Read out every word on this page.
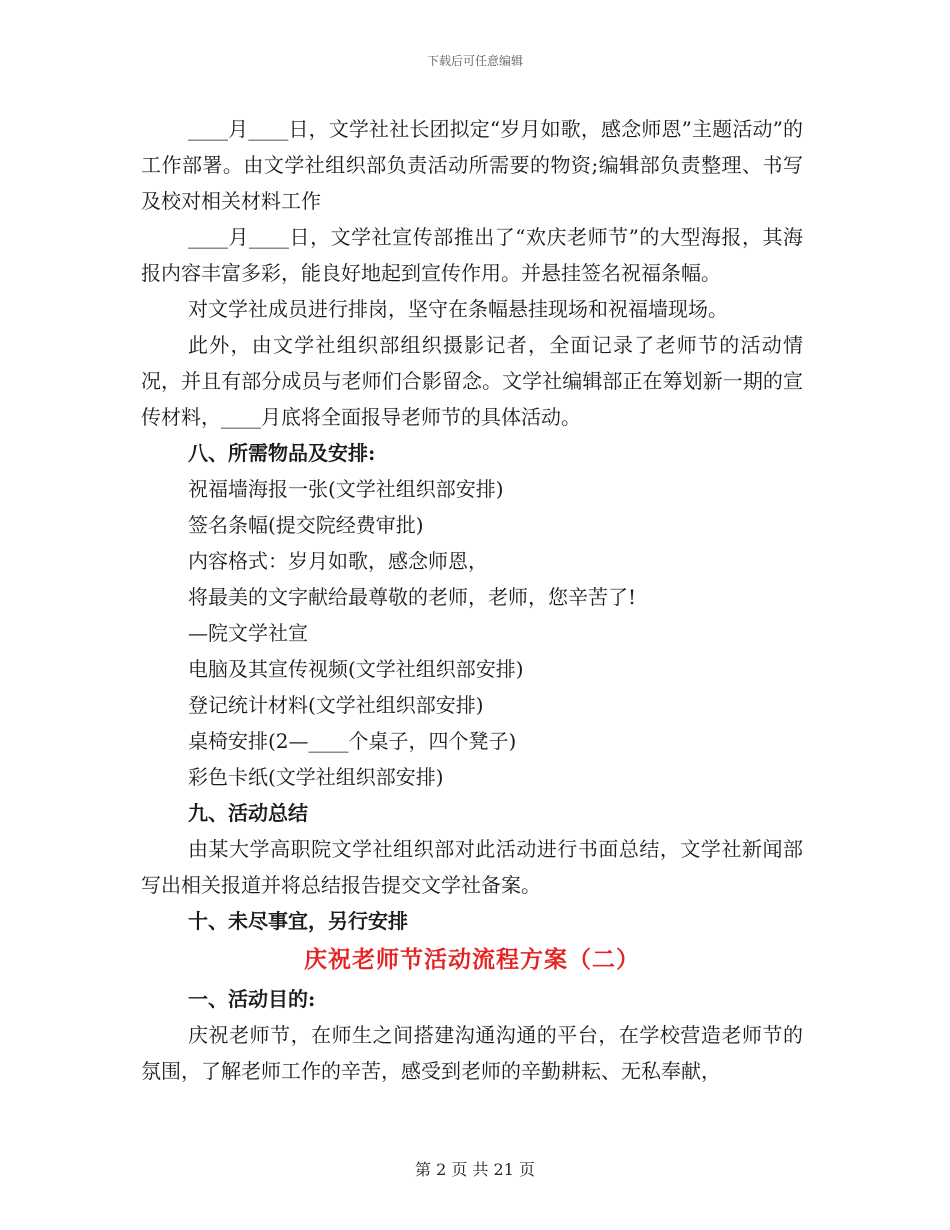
下载后可任意编辑

____月____日，文学社社长团拟定“岁月如歌，感念师恩”主题活动”的工作部署。由文学社组织部负责活动所需要的物资;编辑部负责整理、书写及校对相关材料工作

____月____日，文学社宣传部推出了“欢庆老师节”的大型海报，其海报内容丰富多彩，能良好地起到宣传作用。并悬挂签名祝福条幅。

对文学社成员进行排岗，坚守在条幅悬挂现场和祝福墙现场。

此外，由文学社组织部组织摄影记者，全面记录了老师节的活动情况，并且有部分成员与老师们合影留念。文学社编辑部正在筹划新一期的宣传材料，____月底将全面报导老师节的具体活动。

八、所需物品及安排:

祝福墙海报一张(文学社组织部安排)

签名条幅(提交院经费审批)

内容格式：岁月如歌，感念师恩，

将最美的文字献给最尊敬的老师，老师，您辛苦了!

—院文学社宣

电脑及其宣传视频(文学社组织部安排)

登记统计材料(文学社组织部安排)

桌椅安排(2—____个桌子，四个凳子)

彩色卡纸(文学社组织部安排)

九、活动总结

由某大学高职院文学社组织部对此活动进行书面总结，文学社新闻部写出相关报道并将总结报告提交文学社备案。

十、未尽事宜，另行安排

庆祝老师节活动流程方案（二）

一、活动目的:

庆祝老师节，在师生之间搭建沟通沟通的平台，在学校营造老师节的氛围，了解老师工作的辛苦，感受到老师的辛勤耕耘、无私奉献，

第 2 页 共 21 页
